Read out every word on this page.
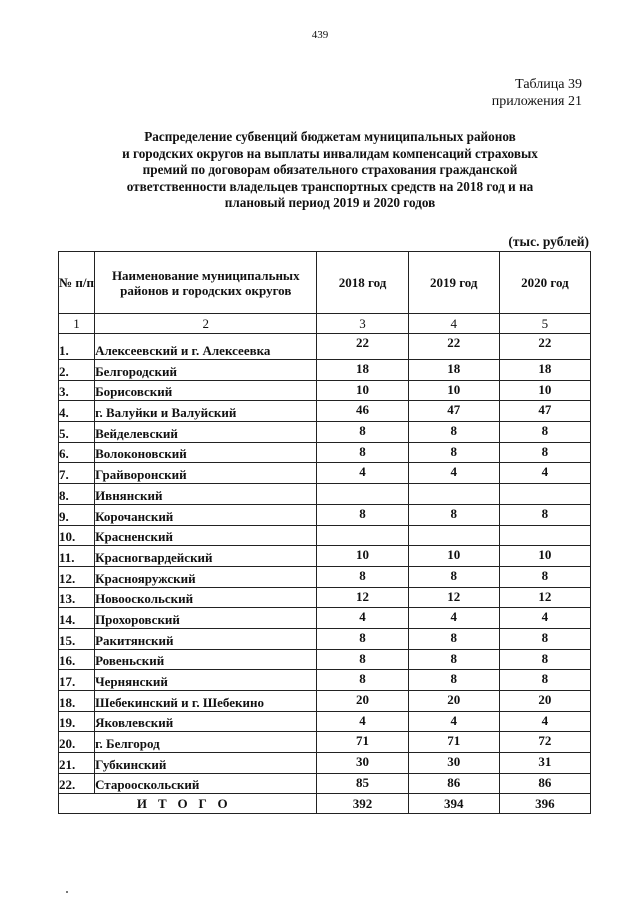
439
Таблица 39
приложения 21
Распределение субвенций бюджетам муниципальных районов
и городских округов на выплаты инвалидам компенсаций страховых
премий по договорам обязательного страхования гражданской
ответственности владельцев транспортных средств на 2018 год и на
плановый период 2019 и 2020 годов
(тыс. рублей)
№ п/п	Наименование муниципальных районов и городских округов	2018 год	2019 год	2020 год
1	2	3	4	5
1.	Алексеевский и г. Алексеевка	22	22	22
2.	Белгородский	18	18	18
3.	Борисовский	10	10	10
4.	г. Валуйки и Валуйский	46	47	47
5.	Вейделевский	8	8	8
6.	Волоконовский	8	8	8
7.	Грайворонский	4	4	4
8.	Ивнянский			
9.	Корочанский	8	8	8
10.	Красненский			
11.	Красногвардейский	10	10	10
12.	Краснояружский	8	8	8
13.	Новооскольский	12	12	12
14.	Прохоровский	4	4	4
15.	Ракитянский	8	8	8
16.	Ровеньский	8	8	8
17.	Чернянский	8	8	8
18.	Шебекинский и г. Шебекино	20	20	20
19.	Яковлевский	4	4	4
20.	г. Белгород	71	71	72
21.	Губкинский	30	30	31
22.	Старооскольский	85	86	86
ИТОГО		392	394	396
